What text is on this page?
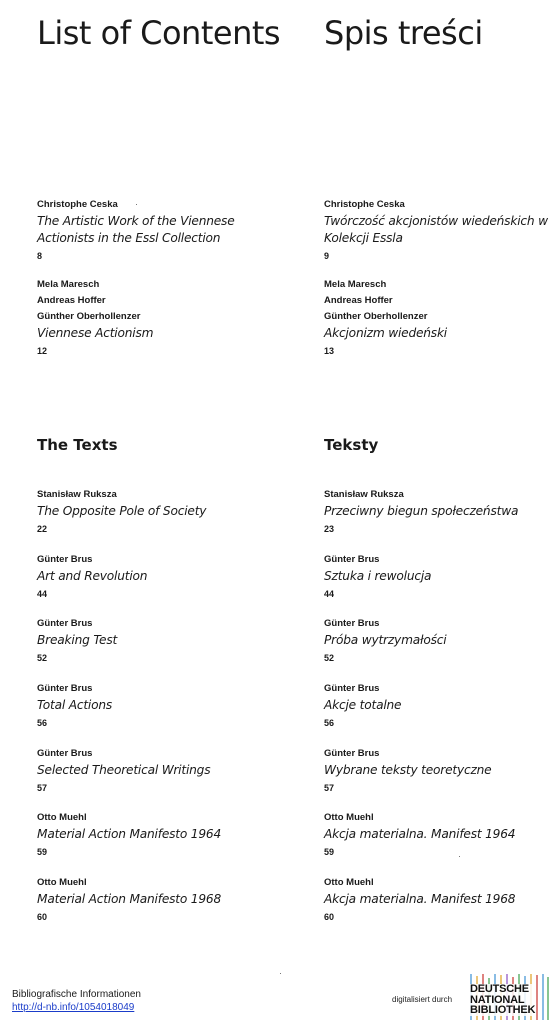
List of Contents
Christophe Ceska
The Artistic Work of the Viennese Actionists in the Essl Collection
8
Mela Maresch
Andreas Hoffer
Günther Oberhollenzer
Viennese Actionism
12
The Texts
Stanisław Ruksza
The Opposite Pole of Society
22
Günter Brus
Art and Revolution
44
Günter Brus
Breaking Test
52
Günter Brus
Total Actions
56
Günter Brus
Selected Theoretical Writings
57
Otto Muehl
Material Action Manifesto 1964
59
Otto Muehl
Material Action Manifesto 1968
60
Spis treści
Christophe Ceska
Twórczość akcjonistów wiedeńskich w Kolekcji Essla
9
Mela Maresch
Andreas Hoffer
Günther Oberhollenzer
Akcjonizm wiedeński
13
Teksty
Stanisław Ruksza
Przeciwny biegun społeczeństwa
23
Günter Brus
Sztuka i rewolucja
44
Günter Brus
Próba wytrzymałości
52
Günter Brus
Akcje totalne
56
Günter Brus
Wybrane teksty teoretyczne
57
Otto Muehl
Akcja materialna. Manifest 1964
59
Otto Muehl
Akcja materialna. Manifest 1968
60
Bibliografische Informationen
http://d-nb.info/1054018049
digitalisiert durch
DEUTSCHE
NATIONAL
BIBLIOTHEK
